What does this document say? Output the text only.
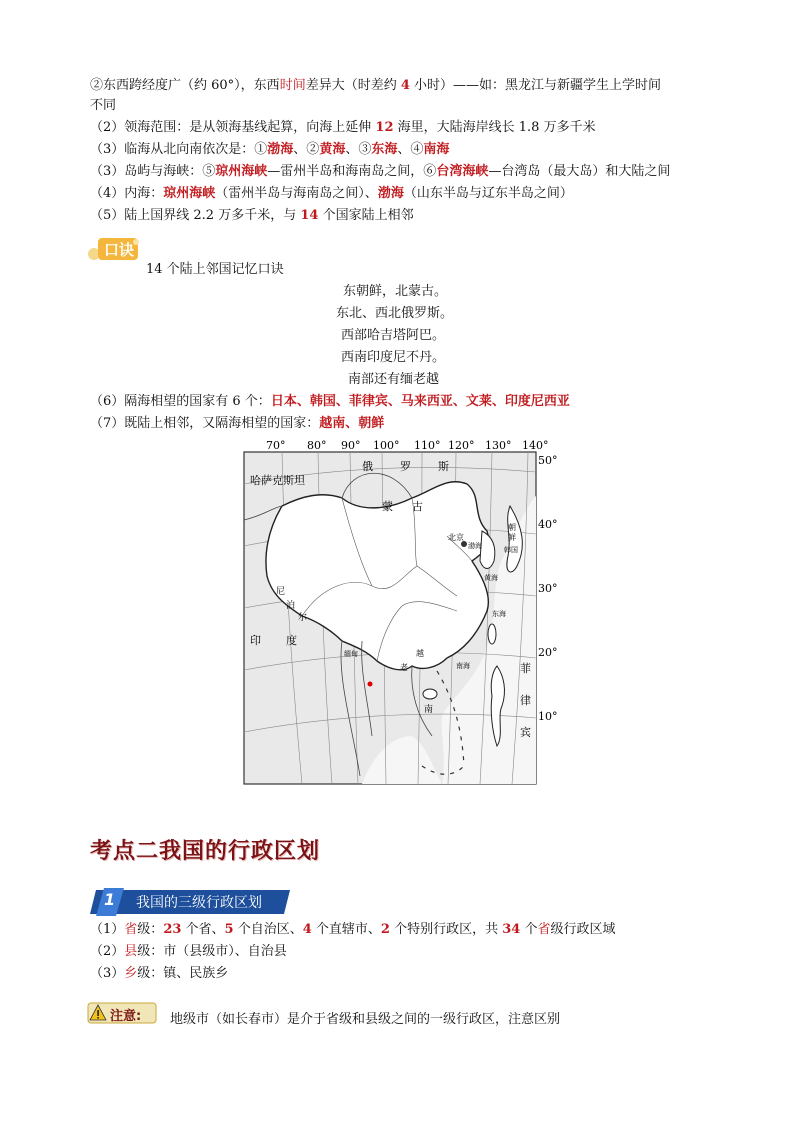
②东西跨经度广（约 60°），东西时间差异大（时差约 4 小时）——如：黑龙江与新疆学生上学时间
不同
（2）领海范围：是从领海基线起算，向海上延伸 12 海里，大陆海岸线长 1.8 万多千米
（3）临海从北向南依次是：①渤海、②黄海、③东海、④南海
（3）岛屿与海峡：⑤琼州海峡—雷州半岛和海南岛之间，⑥台湾海峡—台湾岛（最大岛）和大陆之间
（4）内海：琼州海峡（雷州半岛与海南岛之间）、渤海（山东半岛与辽东半岛之间）
（5）陆上国界线 2.2 万多千米，与 14 个国家陆上相邻
口诀
14 个陆上邻国记忆口诀
东朝鲜，北蒙古。
东北、西北俄罗斯。
西部哈吉塔阿巴。
西南印度尼不丹。
南部还有缅老越
（6）隔海相望的国家有 6 个：日本、韩国、菲律宾、马来西亚、文莱、印度尼西亚
（7）既陆上相邻，又隔海相望的国家：越南、朝鲜
70° 80° 90° 100° 110° 120° 130° 140°
50°
40°
30°
20°
10°
哈萨克斯坦
俄 罗 斯
蒙 古
北京
渤海
朝
鲜
韩国
黄海
东海
尼
泊
尔
印 度
缅甸
老
越
南海	菲
律
宾
南
考点二我国的行政区划
1 我国的三级行政区划
（1）省级：23 个省、5 个自治区、4 个直辖市、2 个特别行政区，共 34 个省级行政区域
（2）县级：市（县级市）、自治县
（3）乡级：镇、民族乡
注意: 地级市（如长春市）是介于省级和县级之间的一级行政区，注意区别
